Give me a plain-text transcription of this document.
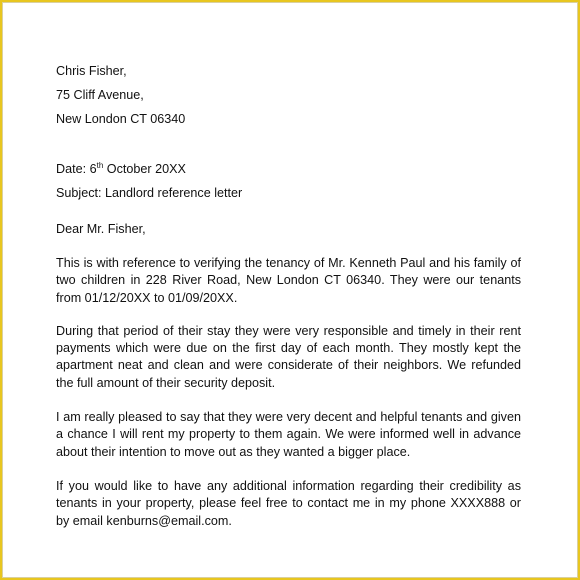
Chris Fisher,
75 Cliff Avenue,
New London CT 06340
Date: 6th October 20XX
Subject: Landlord reference letter
Dear Mr. Fisher,

This is with reference to verifying the tenancy of Mr. Kenneth Paul and his family of two children in 228 River Road, New London CT 06340. They were our tenants from 01/12/20XX to 01/09/20XX.

During that period of their stay they were very responsible and timely in their rent payments which were due on the first day of each month. They mostly kept the apartment neat and clean and were considerate of their neighbors. We refunded the full amount of their security deposit.

I am really pleased to say that they were very decent and helpful tenants and given a chance I will rent my property to them again. We were informed well in advance about their intention to move out as they wanted a bigger place.

If you would like to have any additional information regarding their credibility as tenants in your property, please feel free to contact me in my phone XXXX888 or by email kenburns@email.com.
